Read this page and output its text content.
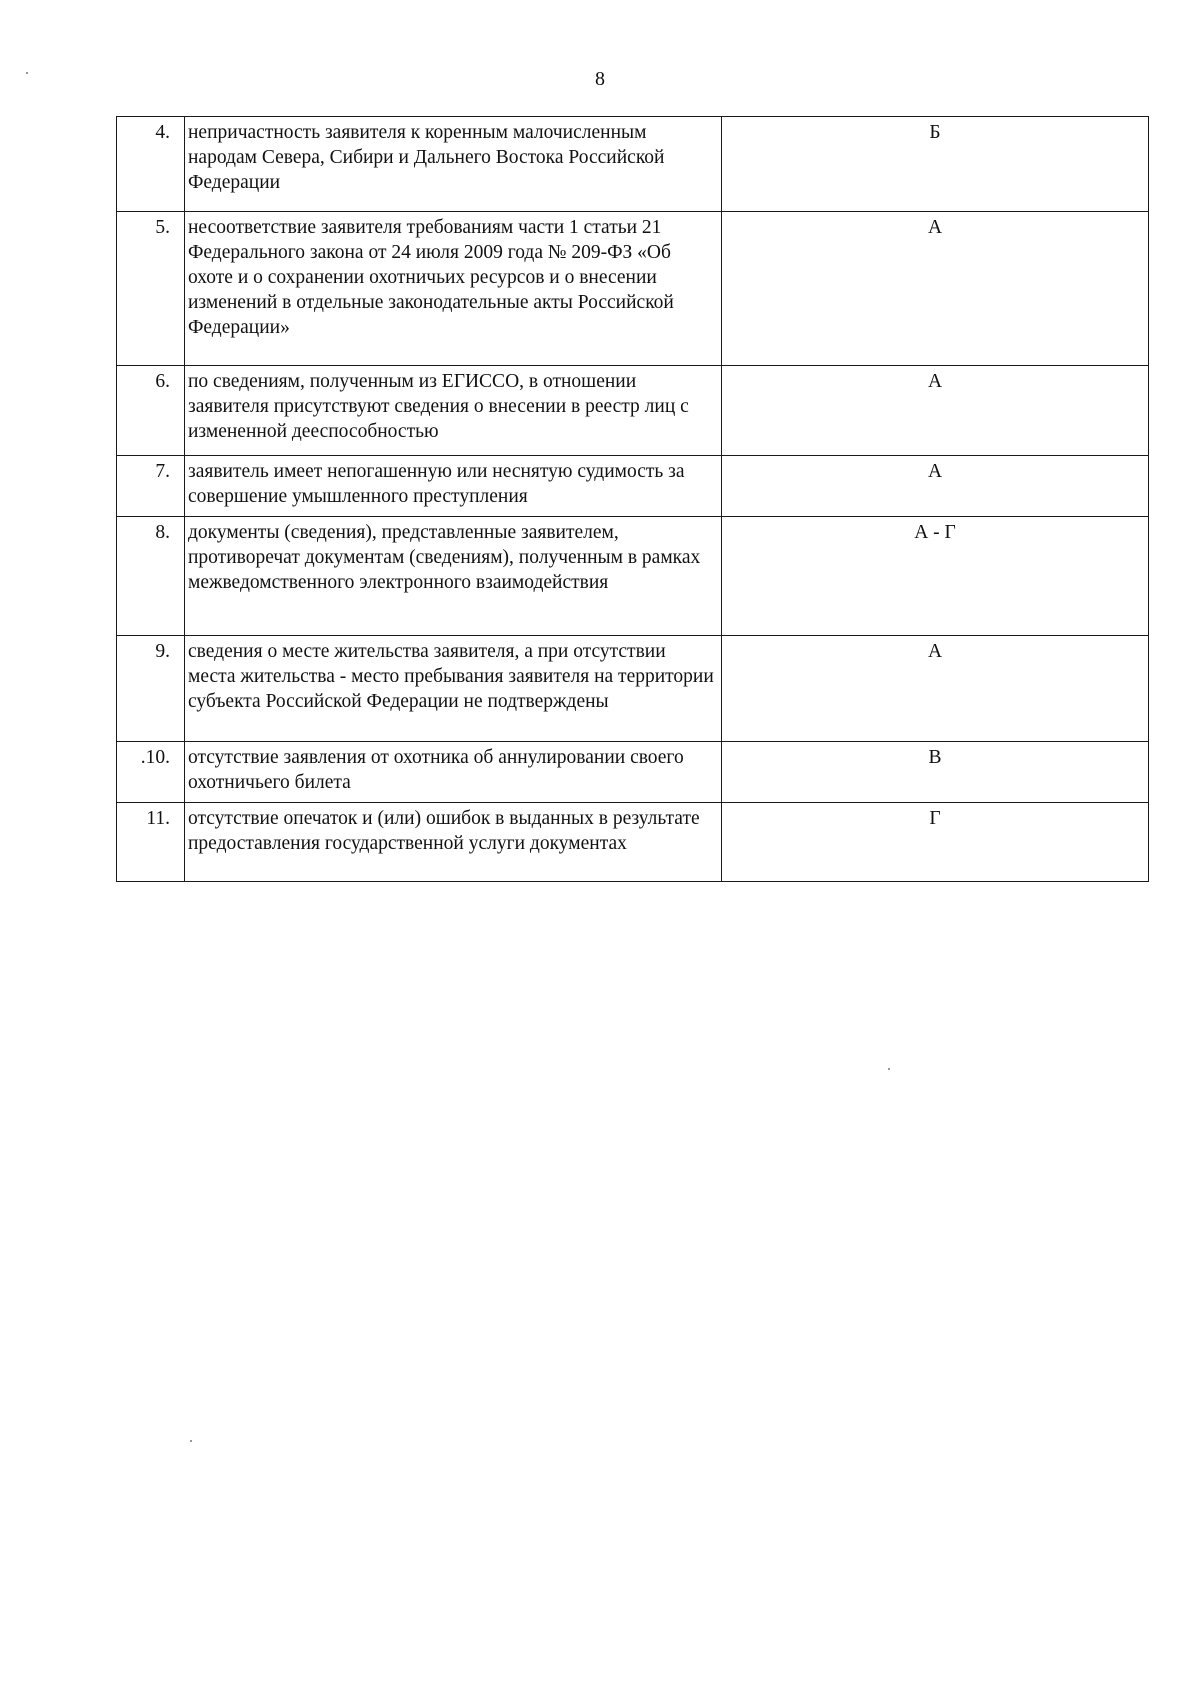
8
4.	непричастность заявителя к коренным малочисленным народам Севера, Сибири и Дальнего Востока Российской Федерации	Б
5.	несоответствие заявителя требованиям части 1 статьи 21 Федерального закона от 24 июля 2009 года № 209-ФЗ «Об охоте и о сохранении охотничьих ресурсов и о внесении изменений в отдельные законодательные акты Российской Федерации»	А
6.	по сведениям, полученным из ЕГИССО, в отношении заявителя присутствуют сведения о внесении в реестр лиц с измененной дееспособностью	А
7.	заявитель имеет непогашенную или неснятую судимость за совершение умышленного преступления	А
8.	документы (сведения), представленные заявителем, противоречат документам (сведениям), полученным в рамках межведомственного электронного взаимодействия	А - Г
9.	сведения о месте жительства заявителя, а при отсутствии места жительства - место пребывания заявителя на территории субъекта Российской Федерации не подтверждены	А
.10.	отсутствие заявления от охотника об аннулировании своего охотничьего билета	В
11.	отсутствие опечаток и (или) ошибок в выданных в результате предоставления государственной услуги документах	Г
